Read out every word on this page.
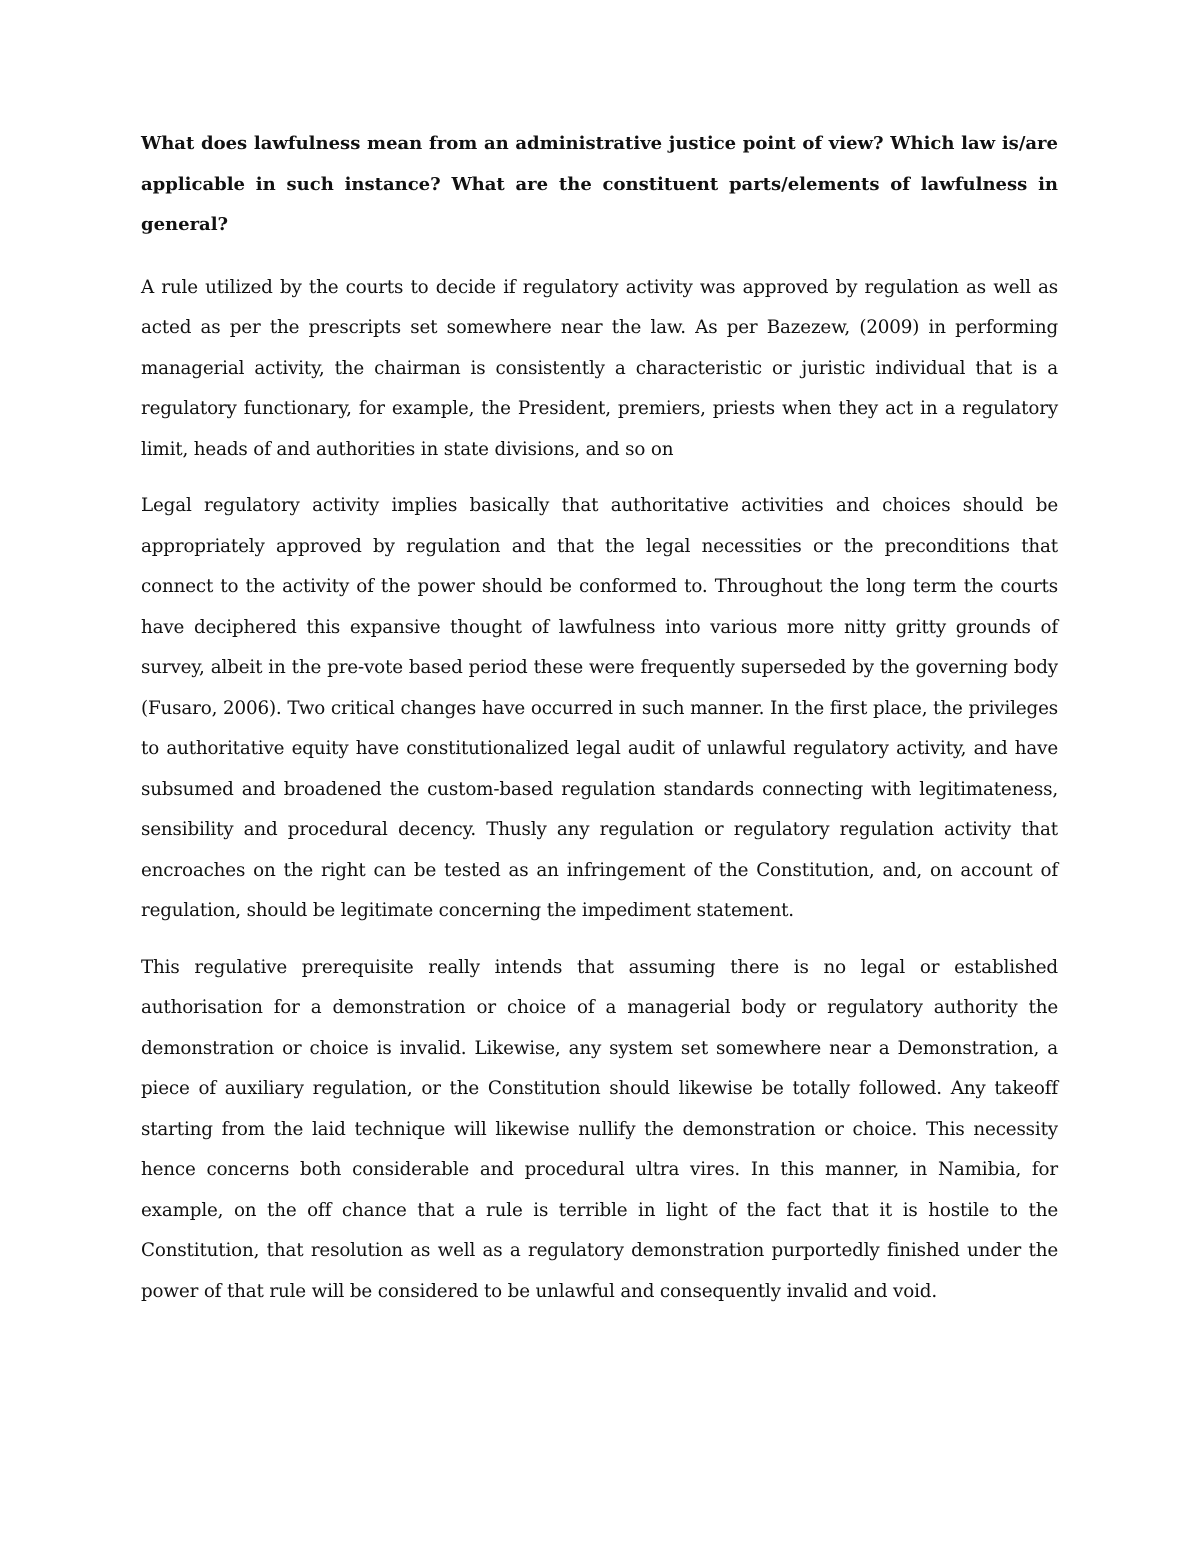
What does lawfulness mean from an administrative justice point of view? Which law is/are applicable in such instance? What are the constituent parts/elements of lawfulness in general?

A rule utilized by the courts to decide if regulatory activity was approved by regulation as well as acted as per the prescripts set somewhere near the law. As per Bazezew, (2009) in performing managerial activity, the chairman is consistently a characteristic or juristic individual that is a regulatory functionary, for example, the President, premiers, priests when they act in a regulatory limit, heads of and authorities in state divisions, and so on

Legal regulatory activity implies basically that authoritative activities and choices should be appropriately approved by regulation and that the legal necessities or the preconditions that connect to the activity of the power should be conformed to. Throughout the long term the courts have deciphered this expansive thought of lawfulness into various more nitty gritty grounds of survey, albeit in the pre-vote based period these were frequently superseded by the governing body (Fusaro, 2006). Two critical changes have occurred in such manner. In the first place, the privileges to authoritative equity have constitutionalized legal audit of unlawful regulatory activity, and have subsumed and broadened the custom-based regulation standards connecting with legitimateness, sensibility and procedural decency. Thusly any regulation or regulatory regulation activity that encroaches on the right can be tested as an infringement of the Constitution, and, on account of regulation, should be legitimate concerning the impediment statement.

This regulative prerequisite really intends that assuming there is no legal or established authorisation for a demonstration or choice of a managerial body or regulatory authority the demonstration or choice is invalid. Likewise, any system set somewhere near a Demonstration, a piece of auxiliary regulation, or the Constitution should likewise be totally followed. Any takeoff starting from the laid technique will likewise nullify the demonstration or choice. This necessity hence concerns both considerable and procedural ultra vires. In this manner, in Namibia, for example, on the off chance that a rule is terrible in light of the fact that it is hostile to the Constitution, that resolution as well as a regulatory demonstration purportedly finished under the power of that rule will be considered to be unlawful and consequently invalid and void.
